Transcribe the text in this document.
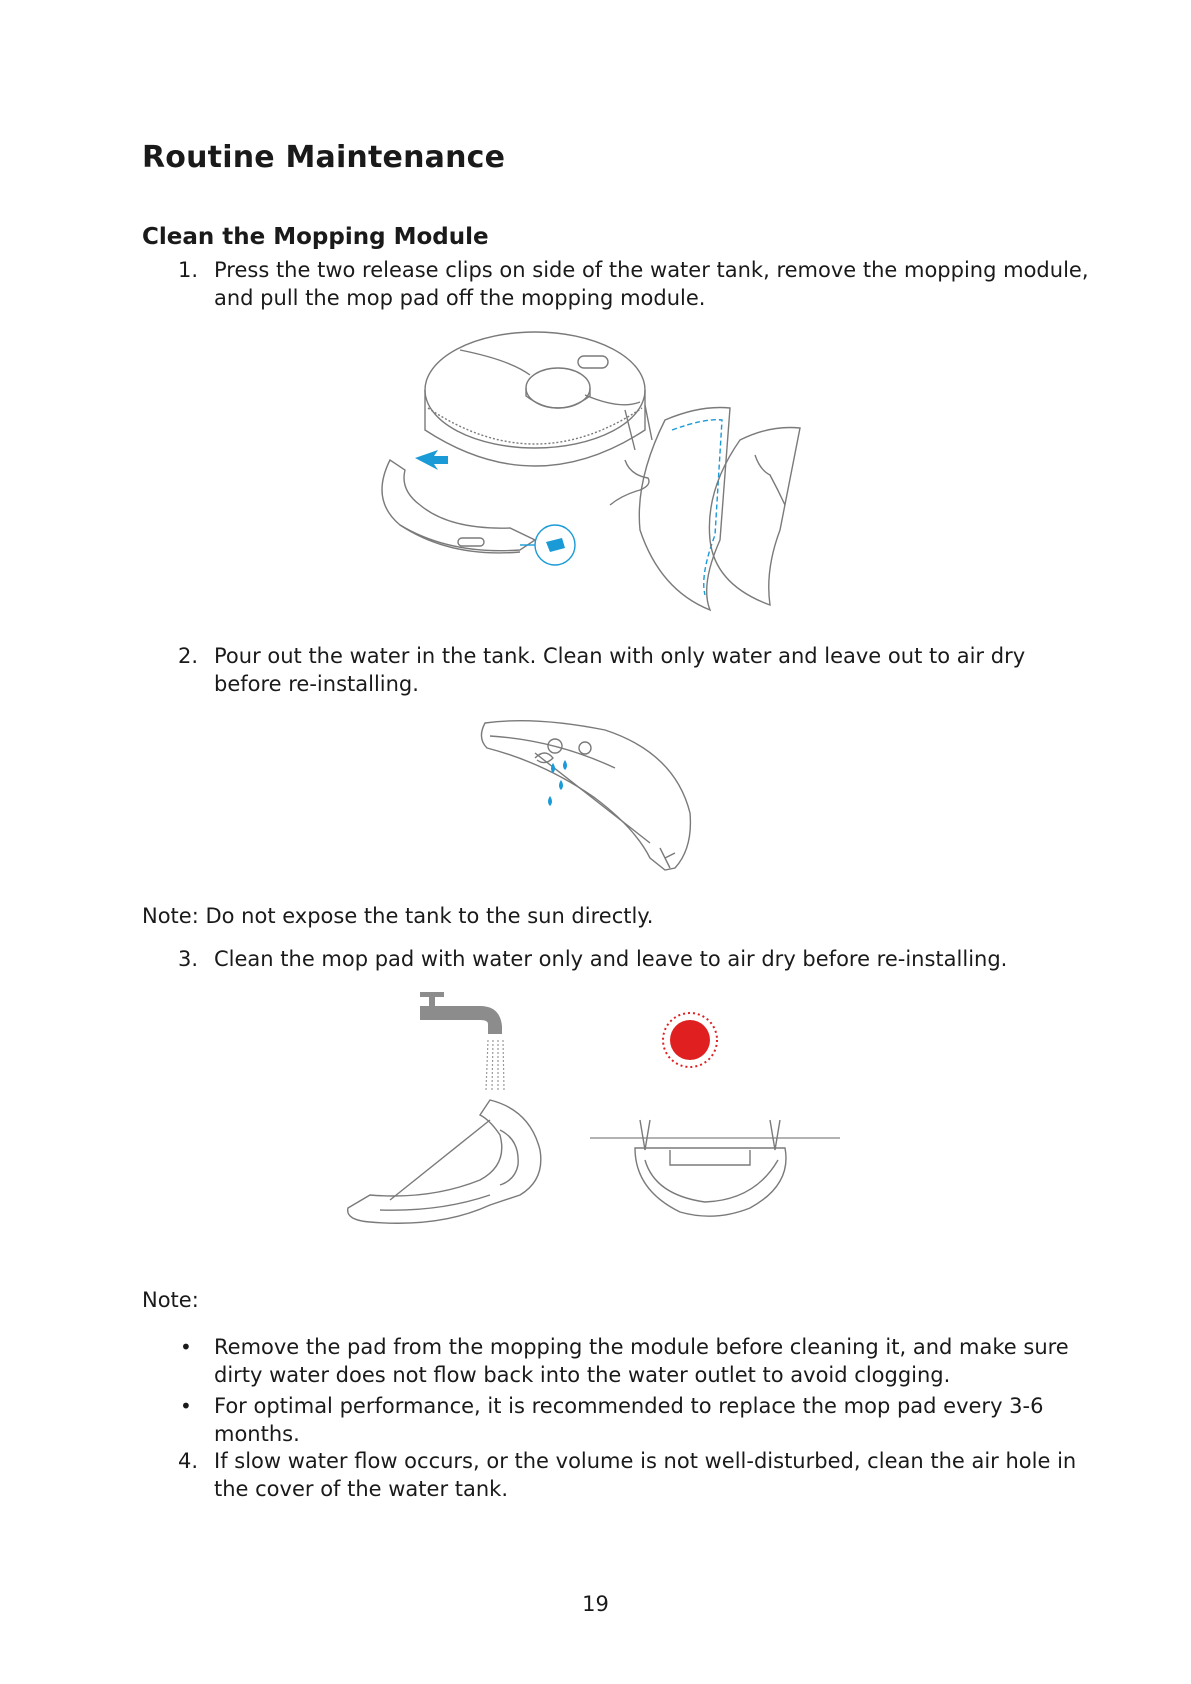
Routine Maintenance
Clean the Mopping Module
1. Press the two release clips on side of the water tank, remove the mopping module, and pull the mop pad off the mopping module.
2. Pour out the water in the tank. Clean with only water and leave out to air dry before re-installing.
Note: Do not expose the tank to the sun directly.
3. Clean the mop pad with water only and leave to air dry before re-installing.
Note:
•	Remove the pad from the mopping the module before cleaning it, and make sure dirty water does not flow back into the water outlet to avoid clogging.
•	For optimal performance, it is recommended to replace the mop pad every 3-6 months.
4. If slow water flow occurs, or the volume is not well-disturbed, clean the air hole in the cover of the water tank.
19
